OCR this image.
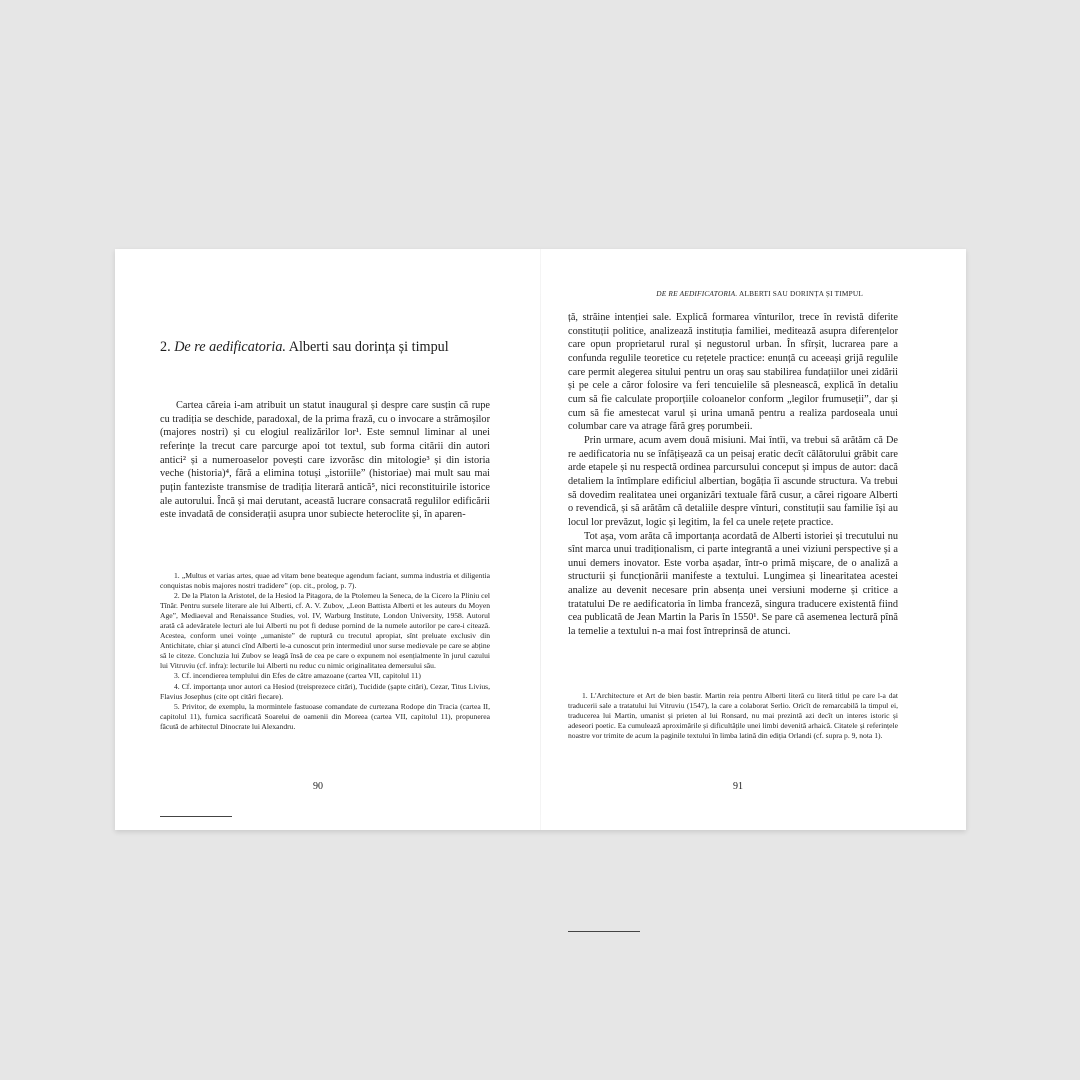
2. De re aedificatoria. Alberti sau dorința și timpul

Cartea căreia i-am atribuit un statut inaugural și despre care susțin că rupe cu tradiția se deschide, paradoxal, de la prima frază, cu o invocare a strămoșilor (majores nostri) și cu elogiul realizărilor lor¹. Este semnul liminar al unei referințe la trecut care parcurge apoi tot textul, sub forma citării din autori antici² și a numeroaselor povești care izvorăsc din mitologie³ și din istoria veche (historia)⁴, fără a elimina totuși „istoriile” (historiae) mai mult sau mai puțin fanteziste transmise de tradiția literară antică⁵, nici reconstituirile istorice ale autorului. Încă și mai derutant, această lucrare consacrată regulilor edificării este invadată de considerații asupra unor subiecte heteroclite și, în aparen-

1. „Multus et varias artes, quae ad vitam bene beateque agendum faciant, summa industria et diligentia conquistas nobis majores nostri tradidere” (op. cit., prolog, p. 7).

2. De la Platon la Aristotel, de la Hesiod la Pitagora, de la Ptolemeu la Seneca, de la Cicero la Pliniu cel Tînăr. Pentru sursele literare ale lui Alberti, cf. A. V. Zubov, „Leon Battista Alberti et les auteurs du Moyen Age”, Mediaeval and Renaissance Studies, vol. IV, Warburg Institute, London University, 1958. Autorul arată că adevăratele lecturi ale lui Alberti nu pot fi deduse pornind de la numele autorilor pe care-i citează. Acestea, conform unei voințe „umaniste” de ruptură cu trecutul apropiat, sînt preluate exclusiv din Antichitate, chiar și atunci cînd Alberti le-a cunoscut prin intermediul unor surse medievale pe care se abține să le citeze. Concluzia lui Zubov se leagă însă de cea pe care o expunem noi esențialmente în jurul cazului lui Vitruviu (cf. infra): lecturile lui Alberti nu reduc cu nimic originalitatea demersului său.

3. Cf. incendierea templului din Efes de către amazoane (cartea VII, capitolul 11)

4. Cf. importanța unor autori ca Hesiod (treisprezece citări), Tucidide (șapte citări), Cezar, Titus Livius, Flavius Josephus (cite opt citări fiecare).

5. Privitor, de exemplu, la mormintele fastuoase comandate de curtezana Rodope din Tracia (cartea II, capitolul 11), furnica sacrificată Soarelui de oamenii din Moreea (cartea VII, capitolul 11), propunerea făcută de arhitectul Dinocrate lui Alexandru.

90
DE RE AEDIFICATORIA. ALBERTI SAU DORINȚA ȘI TIMPUL

ță, străine intenției sale. Explică formarea vînturilor, trece în revistă diferite constituții politice, analizează instituția familiei, meditează asupra diferențelor care opun proprietarul rural și negustorul urban. În sfîrșit, lucrarea pare a confunda regulile teoretice cu rețetele practice: enunță cu aceeași grijă regulile care permit alegerea sitului pentru un oraș sau stabilirea fundațiilor unei zidării și pe cele a căror folosire va feri tencuielile să plesnească, explică în detaliu cum să fie calculate proporțiile coloanelor conform „legilor frumuseții”, dar și cum să fie amestecat varul și urina umană pentru a realiza pardoseala unui columbar care va atrage fără greș porumbeii.

Prin urmare, acum avem două misiuni. Mai întîi, va trebui să arătăm că De re aedificatoria nu se înfățișează ca un peisaj eratic decît călătorului grăbit care arde etapele și nu respectă ordinea parcursului conceput și impus de autor: dacă detaliem la întîmplare edificiul albertian, bogăția îi ascunde structura. Va trebui să dovedim realitatea unei organizări textuale fără cusur, a cărei rigoare Alberti o revendică, și să arătăm că detaliile despre vînturi, constituții sau familie își au locul lor prevăzut, logic și legitim, la fel ca unele rețete practice.

Tot așa, vom arăta că importanța acordată de Alberti istoriei și trecutului nu sînt marca unui tradiționalism, ci parte integrantă a unei viziuni perspective și a unui demers inovator. Este vorba așadar, într-o primă mișcare, de o analiză a structurii și funcționării manifeste a textului. Lungimea și linearitatea acestei analize au devenit necesare prin absența unei versiuni moderne și critice a tratatului De re aedificatoria în limba franceză, singura traducere existentă fiind cea publicată de Jean Martin la Paris în 1550¹. Se pare că asemenea lectură pînă la temelie a textului n-a mai fost întreprinsă de atunci.

1. L'Architecture et Art de bien bastir. Martin reia pentru Alberti literă cu literă titlul pe care l-a dat traducerii sale a tratatului lui Vitruviu (1547), la care a colaborat Serlio. Oricît de remarcabilă la timpul ei, traducerea lui Martin, umanist și prieten al lui Ronsard, nu mai prezintă azi decît un interes istoric și adeseori poetic. Ea cumulează aproximările și dificultățile unei limbi devenită arhaică. Citatele și referințele noastre vor trimite de acum la paginile textului în limba latină din ediția Orlandi (cf. supra p. 9, nota 1).

91
